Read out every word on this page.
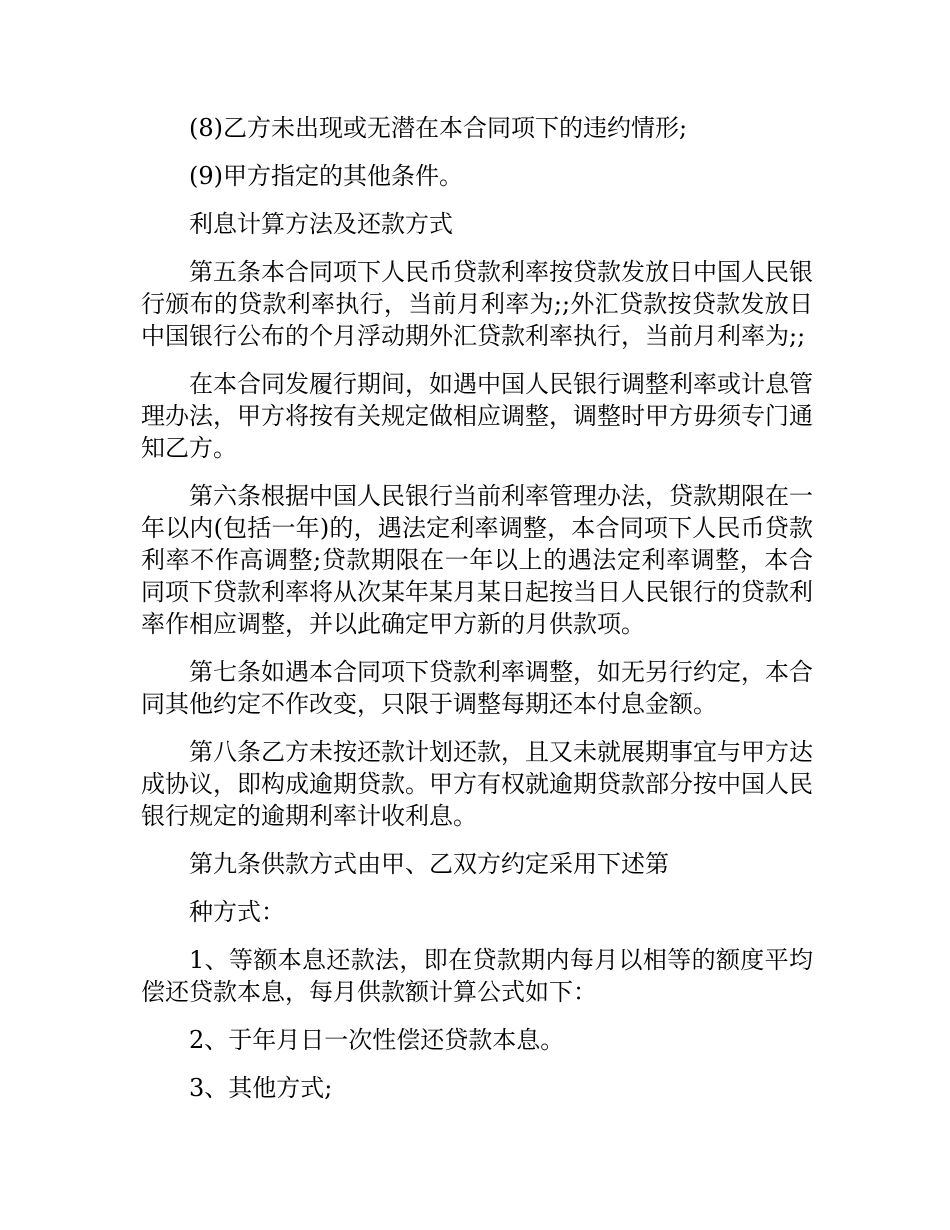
(8)乙方未出现或无潜在本合同项下的违约情形;

(9)甲方指定的其他条件。

利息计算方法及还款方式

第五条本合同项下人民币贷款利率按贷款发放日中国人民银行颁布的贷款利率执行，当前月利率为;;外汇贷款按贷款发放日中国银行公布的个月浮动期外汇贷款利率执行，当前月利率为;;

在本合同发履行期间，如遇中国人民银行调整利率或计息管理办法，甲方将按有关规定做相应调整，调整时甲方毋须专门通知乙方。

第六条根据中国人民银行当前利率管理办法，贷款期限在一年以内(包括一年)的，遇法定利率调整，本合同项下人民币贷款利率不作高调整;贷款期限在一年以上的遇法定利率调整，本合同项下贷款利率将从次某年某月某日起按当日人民银行的贷款利率作相应调整，并以此确定甲方新的月供款项。

第七条如遇本合同项下贷款利率调整，如无另行约定，本合同其他约定不作改变，只限于调整每期还本付息金额。

第八条乙方未按还款计划还款，且又未就展期事宜与甲方达成协议，即构成逾期贷款。甲方有权就逾期贷款部分按中国人民银行规定的逾期利率计收利息。

第九条供款方式由甲、乙双方约定采用下述第

种方式：

1、等额本息还款法，即在贷款期内每月以相等的额度平均偿还贷款本息，每月供款额计算公式如下：

2、于年月日一次性偿还贷款本息。

3、其他方式;
